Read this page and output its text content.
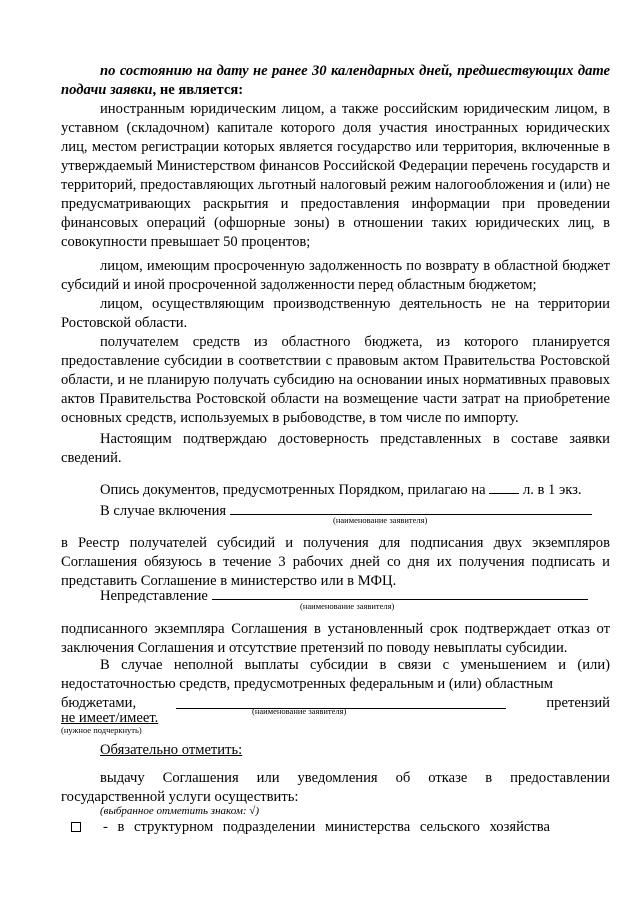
по состоянию на дату не ранее 30 календарных дней, предшествующих дате подачи заявки, не является:

иностранным юридическим лицом, а также российским юридическим лицом, в уставном (складочном) капитале которого доля участия иностранных юридических лиц, местом регистрации которых является государство или территория, включенные в утверждаемый Министерством финансов Российской Федерации перечень государств и территорий, предоставляющих льготный налоговый режим налогообложения и (или) не предусматривающих раскрытия и предоставления информации при проведении финансовых операций (офшорные зоны) в отношении таких юридических лиц, в совокупности превышает 50 процентов;

лицом, имеющим просроченную задолженность по возврату в областной бюджет субсидий и иной просроченной задолженности перед областным бюджетом;

лицом, осуществляющим производственную деятельность не на территории Ростовской области.

получателем средств из областного бюджета, из которого планируется предоставление субсидии в соответствии с правовым актом Правительства Ростовской области, и не планирую получать субсидию на основании иных нормативных правовых актов Правительства Ростовской области на возмещение части затрат на приобретение основных средств, используемых в рыбоводстве, в том числе по импорту.

Настоящим подтверждаю достоверность представленных в составе заявки сведений.

Опись документов, предусмотренных Порядком, прилагаю на	л. в 1 экз.
В случае включения
(наименование заявителя)

в Реестр получателей субсидий и получения для подписания двух экземпляров Соглашения обязуюсь в течение 3 рабочих дней со дня их получения подписать и представить Соглашение в министерство или в МФЦ.

Непредставление
(наименование заявителя)

подписанного экземпляра Соглашения в установленный срок подтверждает отказ от заключения Соглашения и отсутствие претензий по поводу невыплаты субсидии.

В случае неполной выплаты субсидии в связи с уменьшением и (или) недостаточностью средств, предусмотренных федеральным и (или) областным

бюджетами,	претензий
(наименование заявителя)
не имеет/имеет.
(нужное подчеркнуть)
Обязательно отметить:

выдачу Соглашения или уведомления об отказе в предоставлении государственной услуги осуществить:

(выбранное отметить знаком: √)
- в структурном подразделении министерства сельского хозяйства
